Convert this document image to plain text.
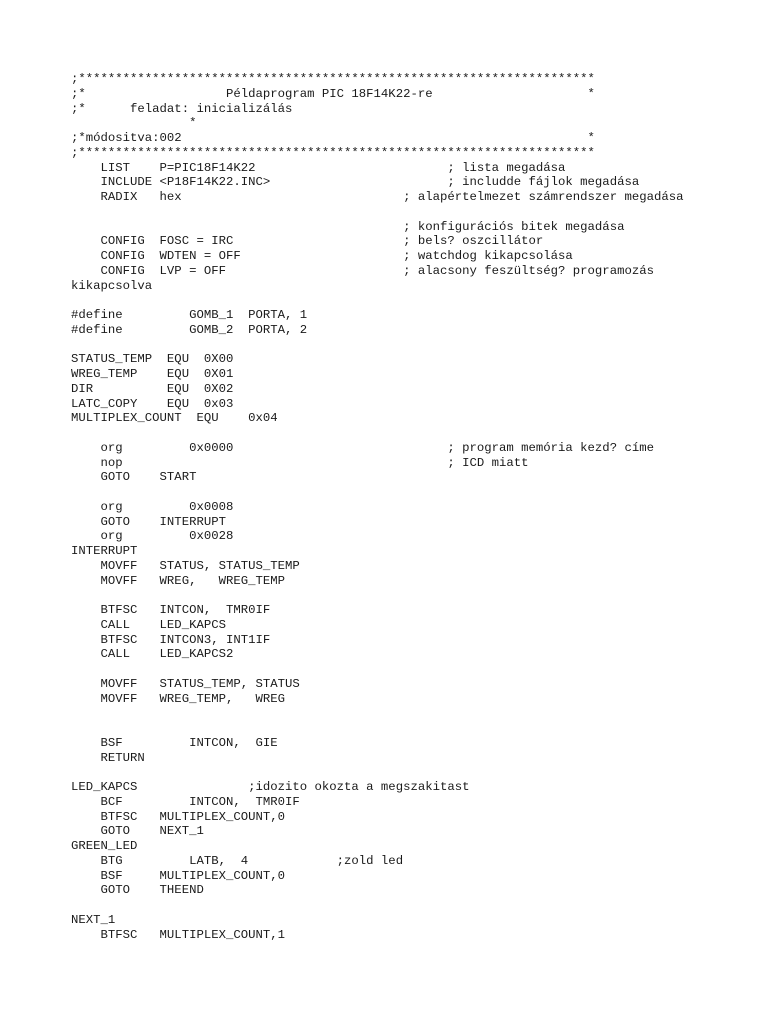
;**********************************************************************
;*                   Példaprogram PIC 18F14K22-re                     *
;*      feladat: inicializálás
*
;*módositva:002                                                       *
;**********************************************************************
LIST    P=PIC18F14K22                          ; lista megadása
INCLUDE <P18F14K22.INC>                        ; includde fájlok megadása
RADIX   hex                              ; alapértelmezet számrendszer megadása
; konfigurációs bitek megadása
CONFIG  FOSC = IRC                       ; bels? oszcillátor
CONFIG  WDTEN = OFF                      ; watchdog kikapcsolása
CONFIG  LVP = OFF                        ; alacsony feszültség? programozás
kikapcsolva
#define         GOMB_1  PORTA, 1
#define         GOMB_2  PORTA, 2
STATUS_TEMP  EQU  0X00
WREG_TEMP    EQU  0X01
DIR          EQU  0X02
LATC_COPY    EQU  0x03
MULTIPLEX_COUNT  EQU    0x04
org         0x0000                             ; program memória kezd? címe
nop                                            ; ICD miatt
GOTO    START
org         0x0008
GOTO    INTERRUPT
org         0x0028
INTERRUPT
MOVFF   STATUS, STATUS_TEMP
MOVFF   WREG,   WREG_TEMP
BTFSC   INTCON,  TMR0IF
CALL    LED_KAPCS
BTFSC   INTCON3, INT1IF
CALL    LED_KAPCS2
MOVFF   STATUS_TEMP, STATUS
MOVFF   WREG_TEMP,   WREG
BSF         INTCON,  GIE
RETURN
LED_KAPCS               ;idozito okozta a megszakitast
BCF         INTCON,  TMR0IF
BTFSC   MULTIPLEX_COUNT,0
GOTO    NEXT_1
GREEN_LED
BTG         LATB,  4            ;zold led
BSF     MULTIPLEX_COUNT,0
GOTO    THEEND
NEXT_1
BTFSC   MULTIPLEX_COUNT,1
